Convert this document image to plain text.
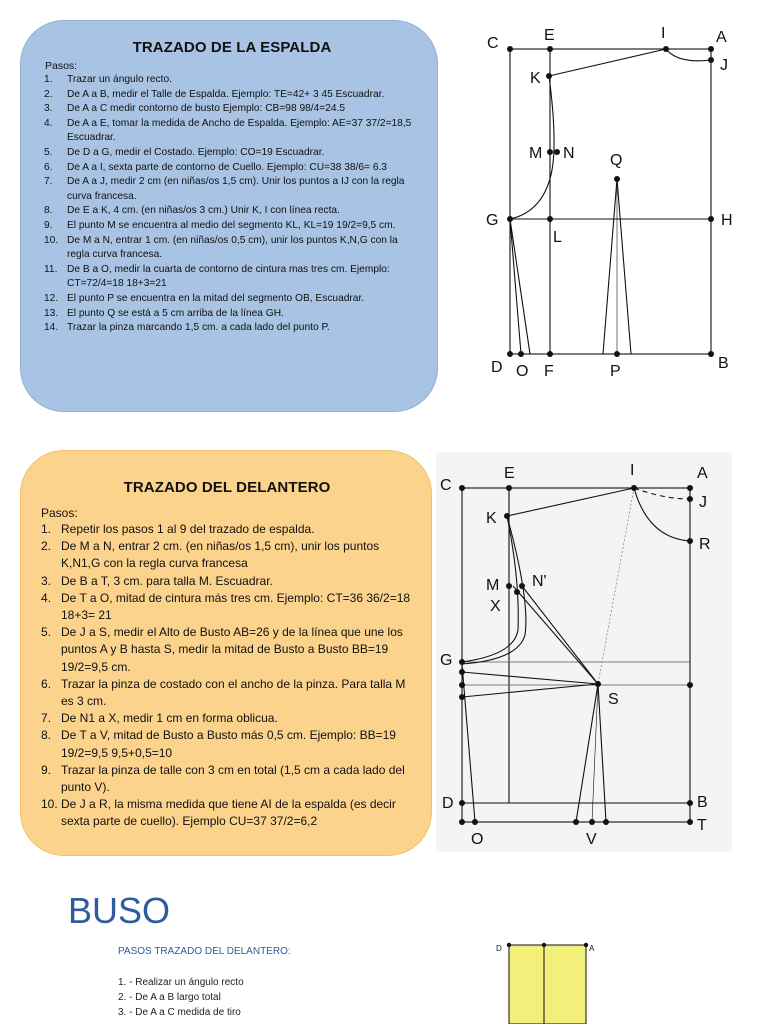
TRAZADO DE LA ESPALDA
Pasos:
1. Trazar un ángulo recto.
2. De A a B, medir el Talle de Espalda. Ejemplo: TE=42+ 3 45 Escuadrar.
3. De A a C medir contorno de busto Ejemplo: CB=98 98/4=24.5
4. De A a E, tomar la medida de Ancho de Espalda. Ejemplo: AE=37 37/2=18,5 Escuadrar.
5. De D a G, medir el Costado. Ejemplo: CO=19 Escuadrar.
6. De A a I, sexta parte de contorno de Cuello. Ejemplo: CU=38 38/6= 6.3
7. De A a J, medir 2 cm (en niñas/os 1,5 cm). Unir los puntos a IJ con la regla curva francesa.
8. De E a K, 4 cm. (en niñas/os 3 cm.) Unir K, I con línea recta.
9. El punto M se encuentra al medio del segmento KL, KL=19 19/2=9,5 cm.
10. De M a N, entrar 1 cm. (en niñas/os 0,5 cm), unir los puntos K,N,G con la regla curva francesa.
11. De B a O, medir la cuarta de contorno de cintura mas tres cm. Ejemplo: CT=72/4=18 18+3=21
12. El punto P se encuentra en la mitad del segmento OB, Escuadrar.
13. El punto Q se está a 5 cm arriba de la línea GH.
14. Trazar la pinza marcando 1,5 cm. a cada lado del punto P.
C	E	I	A
J
K
M N Q
G
L
H
D O F	P	B
TRAZADO DEL DELANTERO
Pasos:
1. Repetir los pasos 1 al 9 del trazado de espalda.
2. De M a N, entrar 2 cm. (en niñas/os 1,5 cm), unir los puntos K,N1,G con la regla curva francesa
3. De B a T, 3 cm. para talla M. Escuadrar.
4. De T a O, mitad de cintura más tres cm. Ejemplo: CT=36 36/2=18 18+3= 21
5. De J a S, medir el Alto de Busto AB=26 y de la línea que une los puntos A y B hasta S, medir la mitad de Busto a Busto BB=19 19/2=9,5 cm.
6. Trazar la pinza de costado con el ancho de la pinza. Para talla M es 3 cm.
7. De N1 a X, medir 1 cm en forma oblicua.
8. De T a V, mitad de Busto a Busto más 0,5 cm. Ejemplo: BB=19 19/2=9,5 9,5+0,5=10
9. Trazar la pinza de talle con 3 cm en total (1,5 cm a cada lado del punto V).
10. De J a R, la misma medida que tiene AI de la espalda (es decir sexta parte de cuello). Ejemplo CU=37 37/2=6,2
C
E	I	A
J
K
R
M N'
X
G
S
D	B
T
O	V
BUSO

PASOS TRAZADO DEL DELANTERO:

1. - Realizar un ángulo recto
2. - De A a B largo total
3. - De A a C medida de tiro
D	A
